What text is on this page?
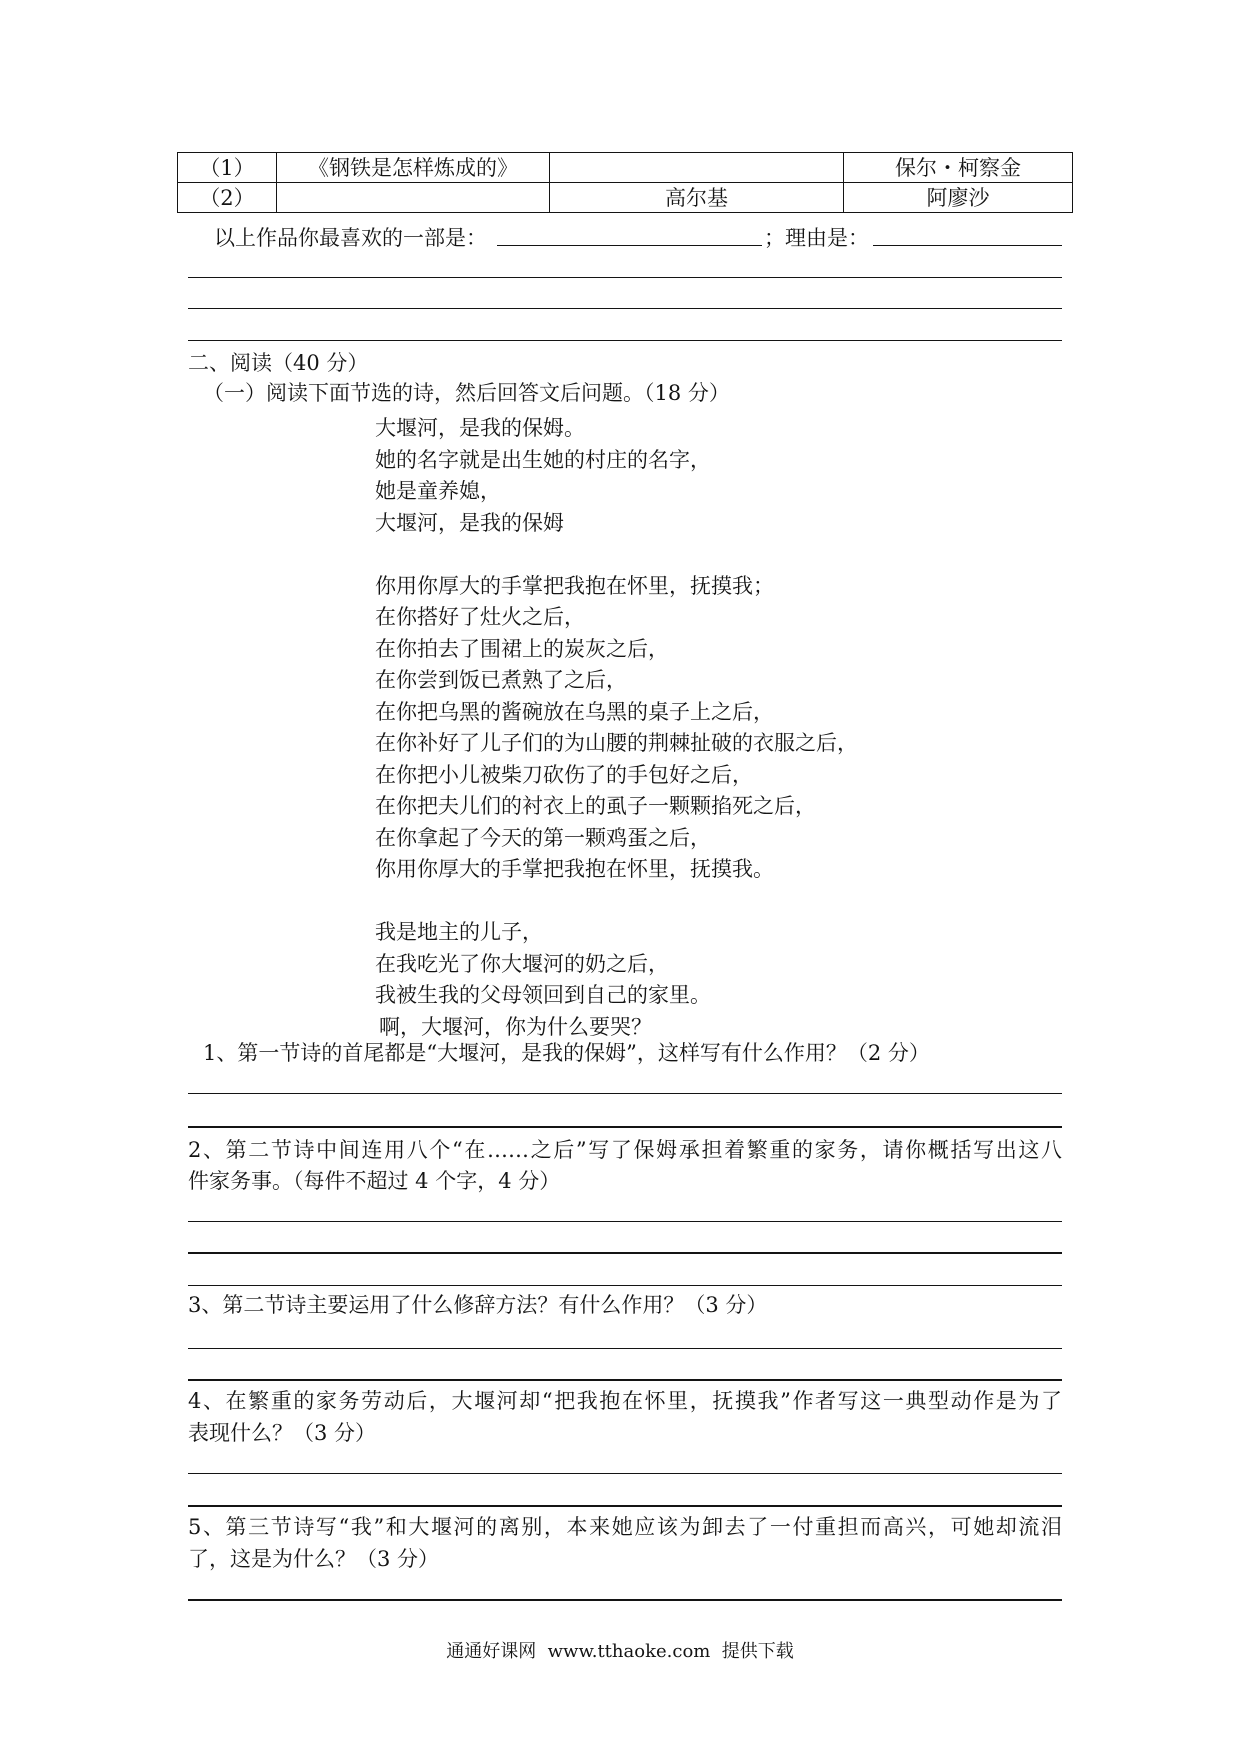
（1）	《钢铁是怎样炼成的》		保尔・柯察金
（2）		高尔基	阿廖沙
以上作品你最喜欢的一部是：	；理由是：
二、阅读（40 分）
（一）阅读下面节选的诗，然后回答文后问题。（18 分）
大堰河，是我的保姆。
她的名字就是出生她的村庄的名字，
她是童养媳，
大堰河，是我的保姆
你用你厚大的手掌把我抱在怀里，抚摸我；
在你搭好了灶火之后，
在你拍去了围裙上的炭灰之后，
在你尝到饭已煮熟了之后，
在你把乌黑的酱碗放在乌黑的桌子上之后，
在你补好了儿子们的为山腰的荆棘扯破的衣服之后，
在你把小儿被柴刀砍伤了的手包好之后，
在你把夫儿们的衬衣上的虱子一颗颗掐死之后，
在你拿起了今天的第一颗鸡蛋之后，
你用你厚大的手掌把我抱在怀里，抚摸我。
我是地主的儿子，
在我吃光了你大堰河的奶之后，
我被生我的父母领回到自己的家里。
啊，大堰河，你为什么要哭？
1、第一节诗的首尾都是“大堰河，是我的保姆”，这样写有什么作用？（2 分）
2、第二节诗中间连用八个“在……之后”写了保姆承担着繁重的家务，请你概括写出这八
件家务事。（每件不超过 4 个字，4 分）
3、第二节诗主要运用了什么修辞方法？有什么作用？（3 分）
4、在繁重的家务劳动后，大堰河却“把我抱在怀里，抚摸我”作者写这一典型动作是为了
表现什么？（3 分）
5、第三节诗写“我”和大堰河的离别，本来她应该为卸去了一付重担而高兴，可她却流泪
了，这是为什么？（3 分）
通通好课网  www.tthaoke.com  提供下载
